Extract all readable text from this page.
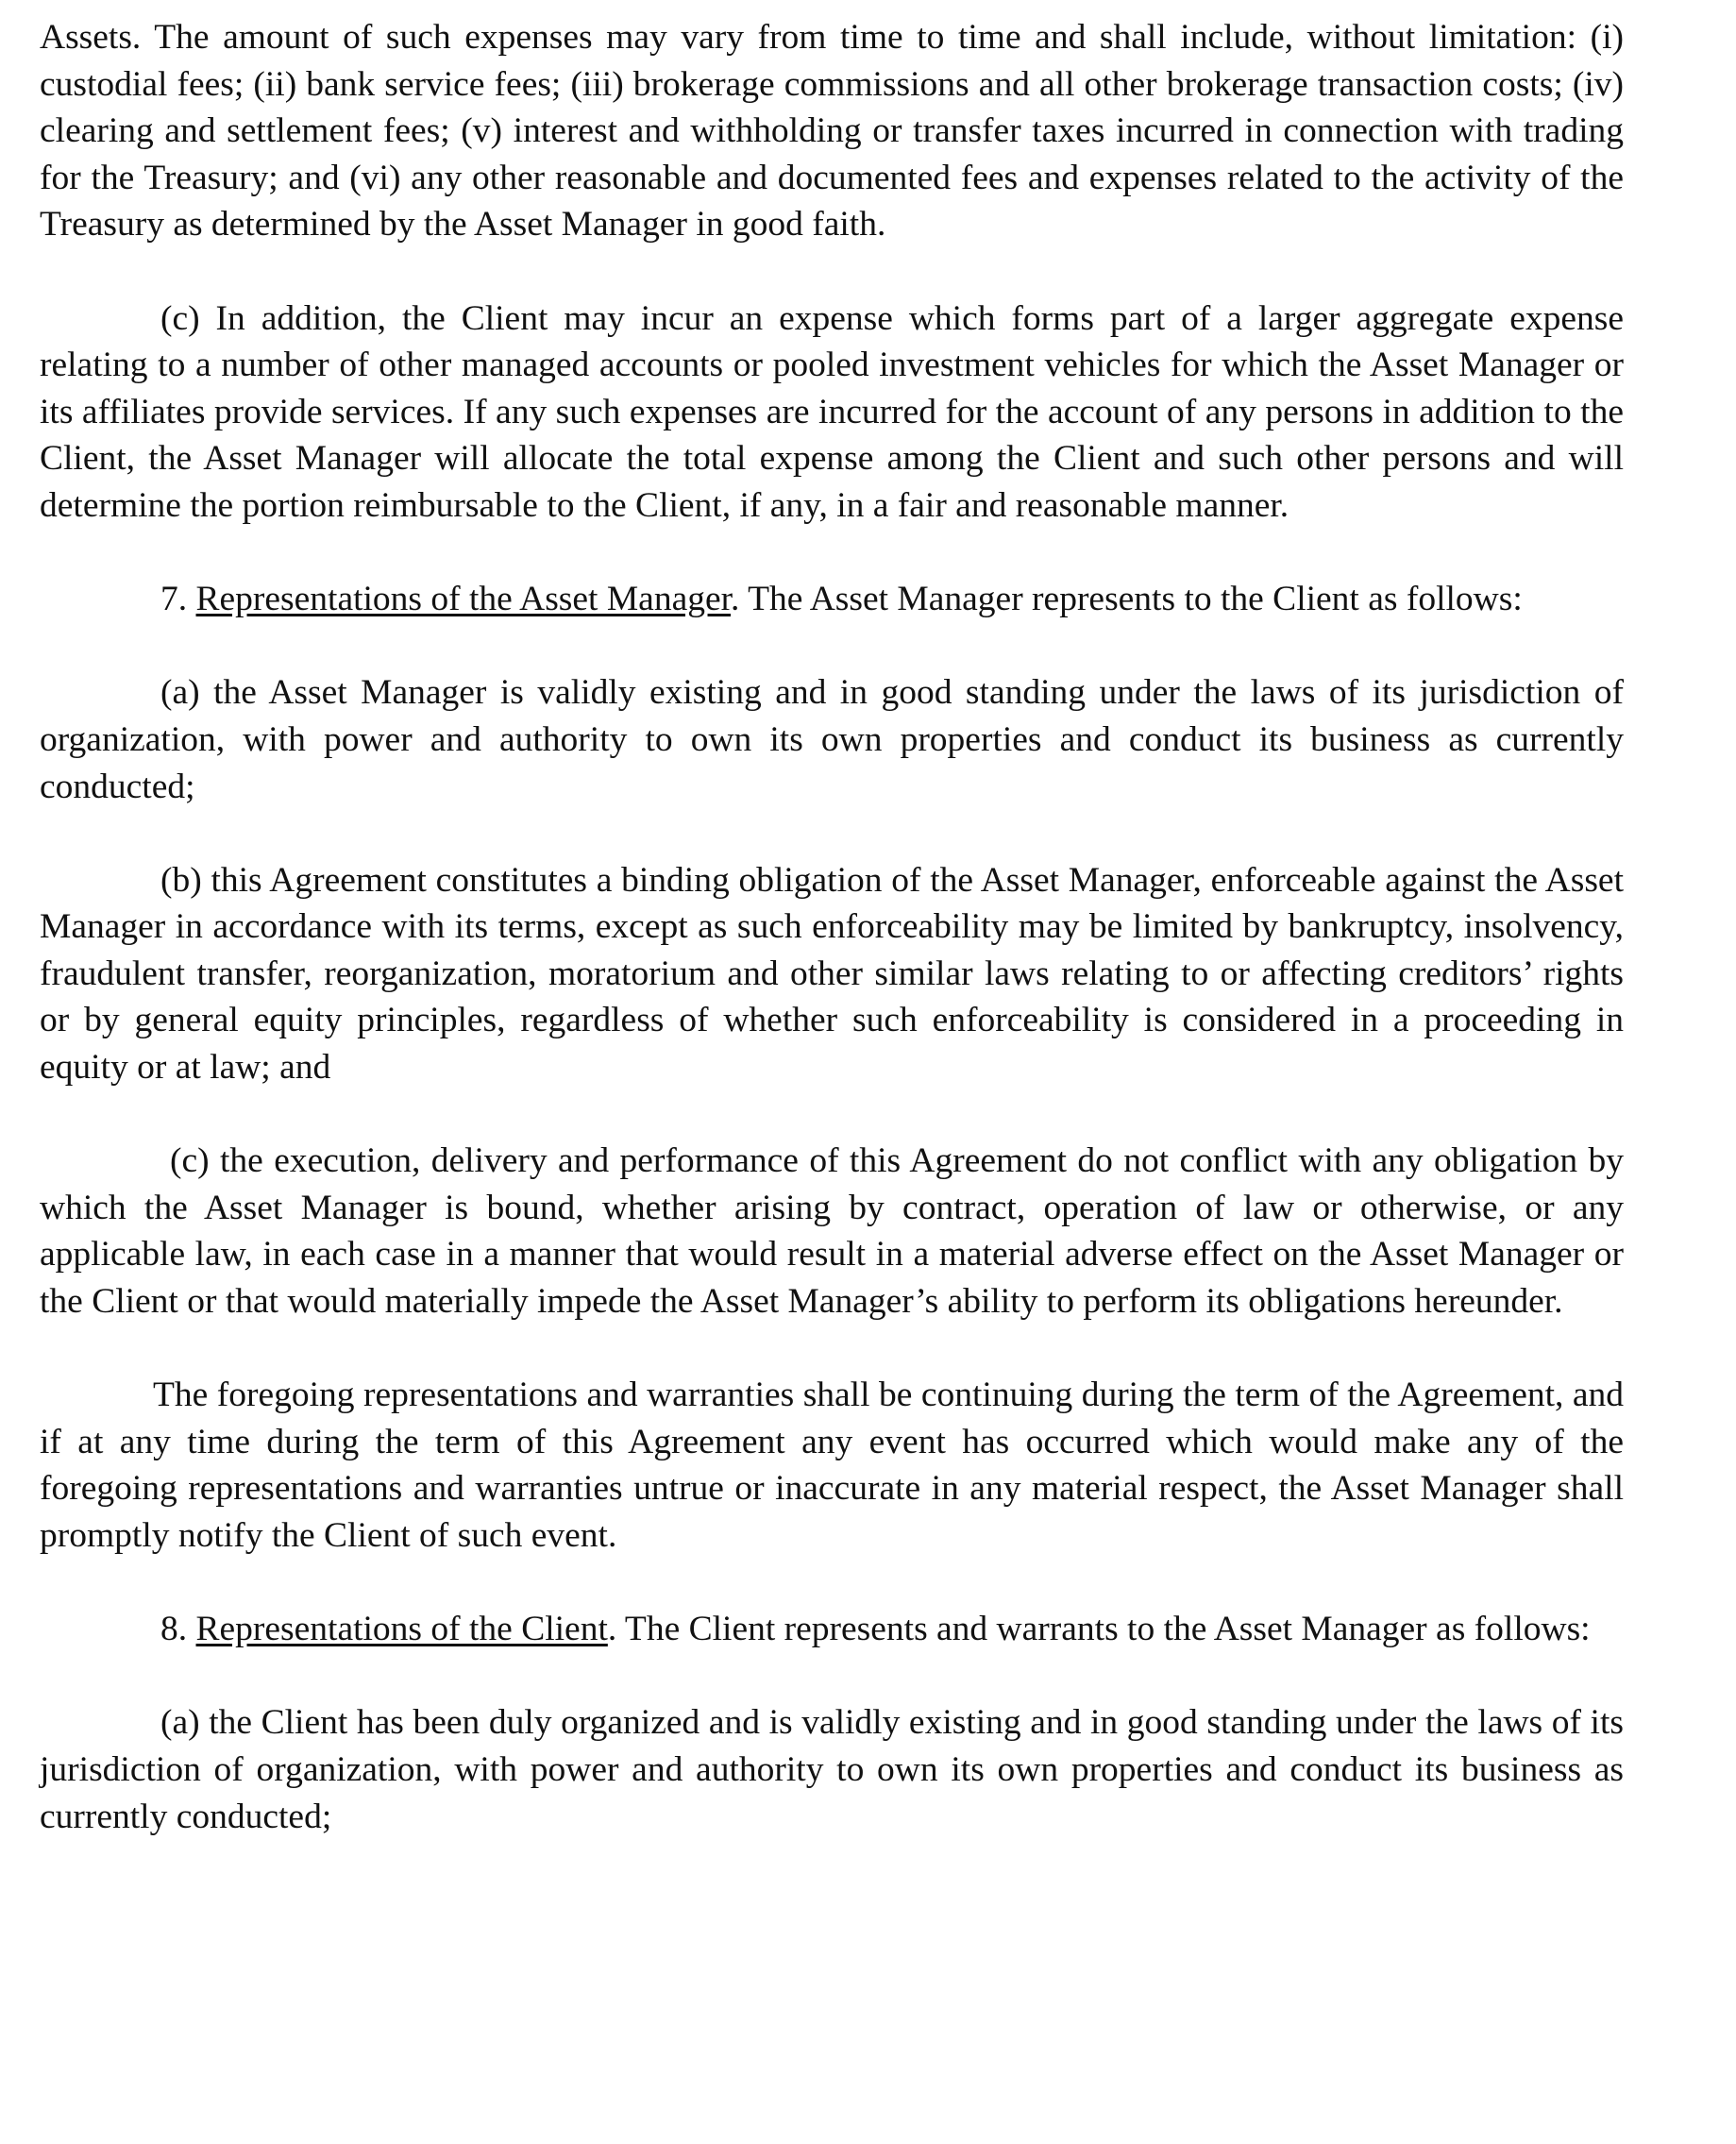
Assets. The amount of such expenses may vary from time to time and shall include, without limitation: (i) custodial fees; (ii) bank service fees; (iii) brokerage commissions and all other brokerage transaction costs; (iv) clearing and settlement fees; (v) interest and withholding or transfer taxes incurred in connection with trading for the Treasury; and (vi) any other reasonable and documented fees and expenses related to the activity of the Treasury as determined by the Asset Manager in good faith.

(c) In addition, the Client may incur an expense which forms part of a larger aggregate expense relating to a number of other managed accounts or pooled investment vehicles for which the Asset Manager or its affiliates provide services. If any such expenses are incurred for the account of any persons in addition to the Client, the Asset Manager will allocate the total expense among the Client and such other persons and will determine the portion reimbursable to the Client, if any, in a fair and reasonable manner.

7. Representations of the Asset Manager. The Asset Manager represents to the Client as follows:

(a) the Asset Manager is validly existing and in good standing under the laws of its jurisdiction of organization, with power and authority to own its own properties and conduct its business as currently conducted;

(b) this Agreement constitutes a binding obligation of the Asset Manager, enforceable against the Asset Manager in accordance with its terms, except as such enforceability may be limited by bankruptcy, insolvency, fraudulent transfer, reorganization, moratorium and other similar laws relating to or affecting creditors’ rights or by general equity principles, regardless of whether such enforceability is considered in a proceeding in equity or at law; and

(c) the execution, delivery and performance of this Agreement do not conflict with any obligation by which the Asset Manager is bound, whether arising by contract, operation of law or otherwise, or any applicable law, in each case in a manner that would result in a material adverse effect on the Asset Manager or the Client or that would materially impede the Asset Manager’s ability to perform its obligations hereunder.

The foregoing representations and warranties shall be continuing during the term of the Agreement, and if at any time during the term of this Agreement any event has occurred which would make any of the foregoing representations and warranties untrue or inaccurate in any material respect, the Asset Manager shall promptly notify the Client of such event.

8. Representations of the Client. The Client represents and warrants to the Asset Manager as follows:

(a) the Client has been duly organized and is validly existing and in good standing under the laws of its jurisdiction of organization, with power and authority to own its own properties and conduct its business as currently conducted;
